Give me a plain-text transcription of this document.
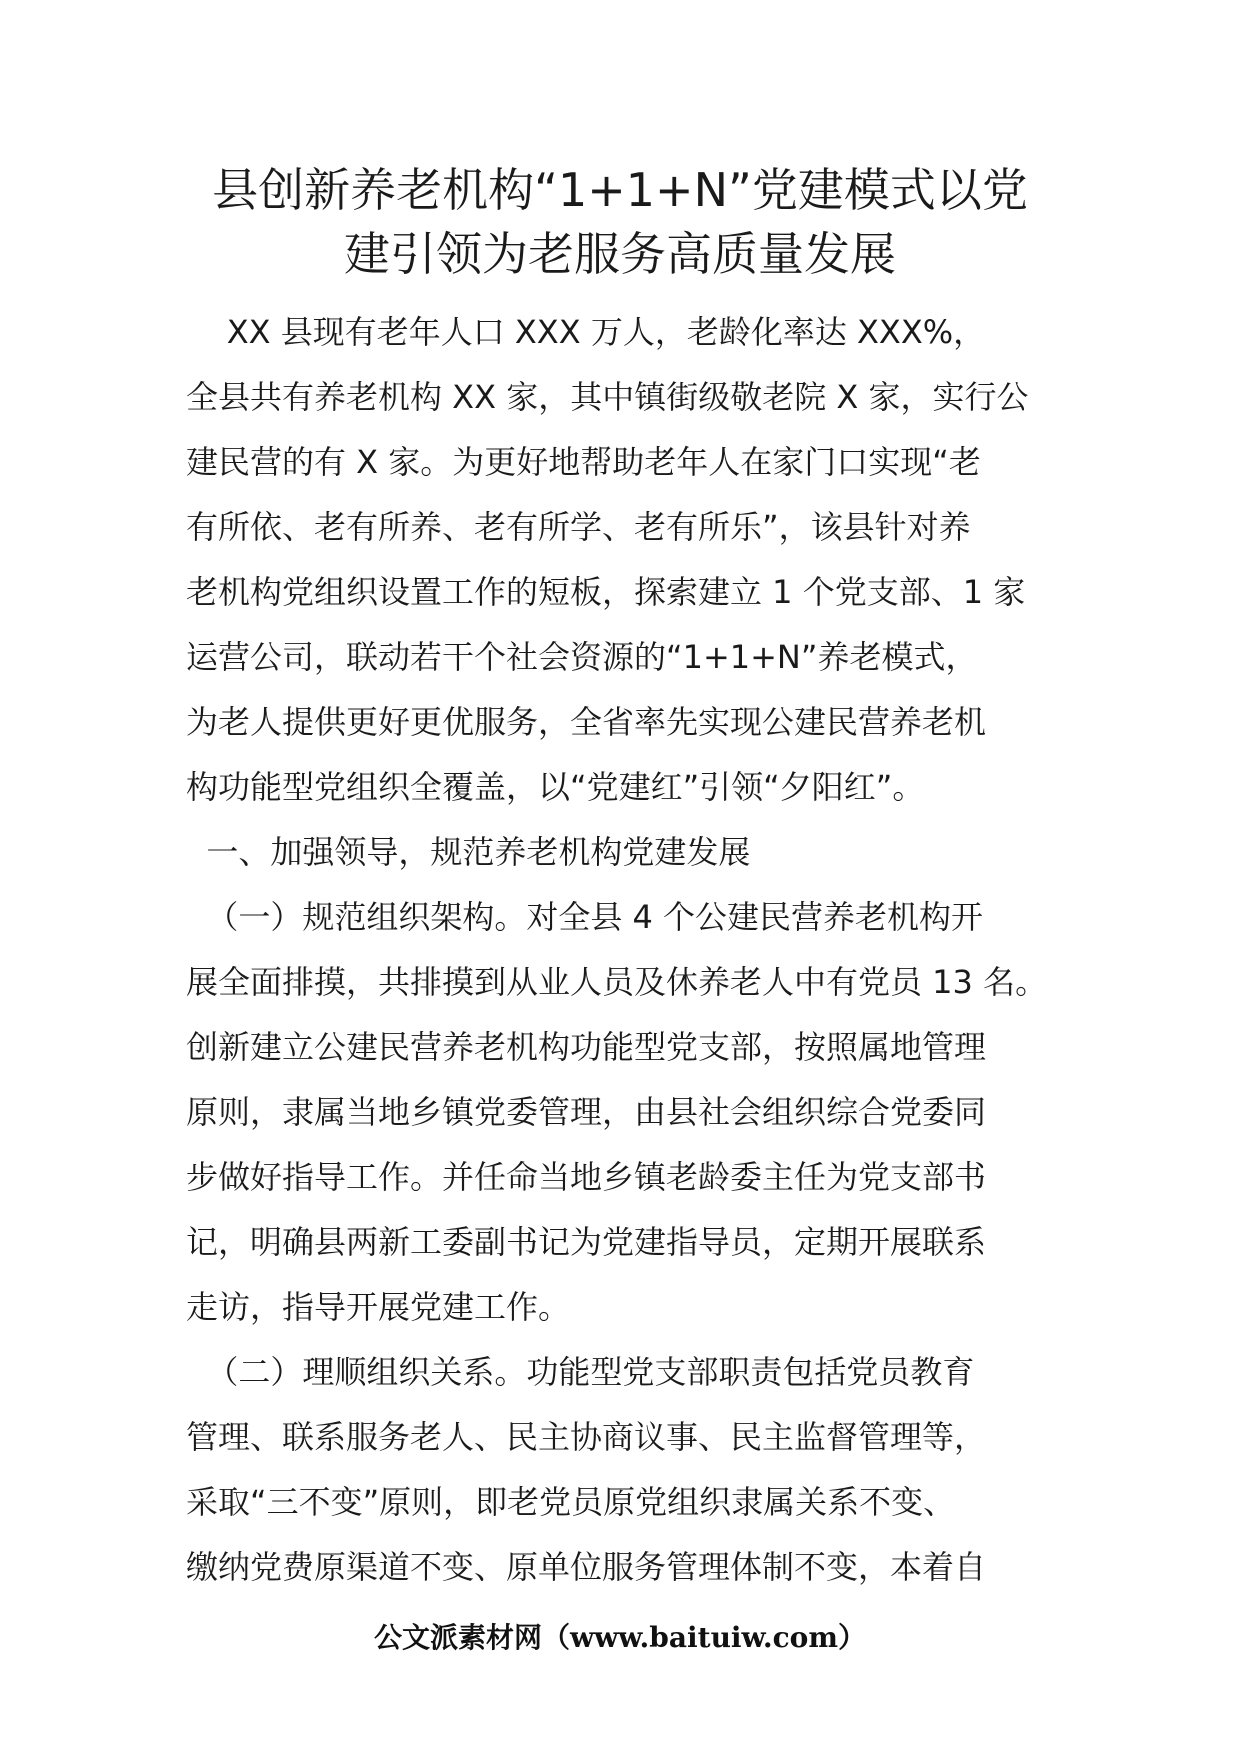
县创新养老机构“1+1+N”党建模式以党
建引领为老服务高质量发展
XX 县现有老年人口 XXX 万人，老龄化率达 XXX%，
全县共有养老机构 XX 家，其中镇街级敬老院 X 家，实行公
建民营的有 X 家。为更好地帮助老年人在家门口实现“老
有所依、老有所养、老有所学、老有所乐”，该县针对养
老机构党组织设置工作的短板，探索建立 1 个党支部、1 家
运营公司，联动若干个社会资源的“1+1+N”养老模式，
为老人提供更好更优服务，全省率先实现公建民营养老机
构功能型党组织全覆盖，以“党建红”引领“夕阳红”。
一、加强领导，规范养老机构党建发展
（一）规范组织架构。对全县 4 个公建民营养老机构开
展全面排摸，共排摸到从业人员及休养老人中有党员 13 名。
创新建立公建民营养老机构功能型党支部，按照属地管理
原则，隶属当地乡镇党委管理，由县社会组织综合党委同
步做好指导工作。并任命当地乡镇老龄委主任为党支部书
记，明确县两新工委副书记为党建指导员，定期开展联系
走访，指导开展党建工作。
（二）理顺组织关系。功能型党支部职责包括党员教育
管理、联系服务老人、民主协商议事、民主监督管理等，
采取“三不变”原则，即老党员原党组织隶属关系不变、
缴纳党费原渠道不变、原单位服务管理体制不变，本着自
公文派素材网（www.baituiw.com）
